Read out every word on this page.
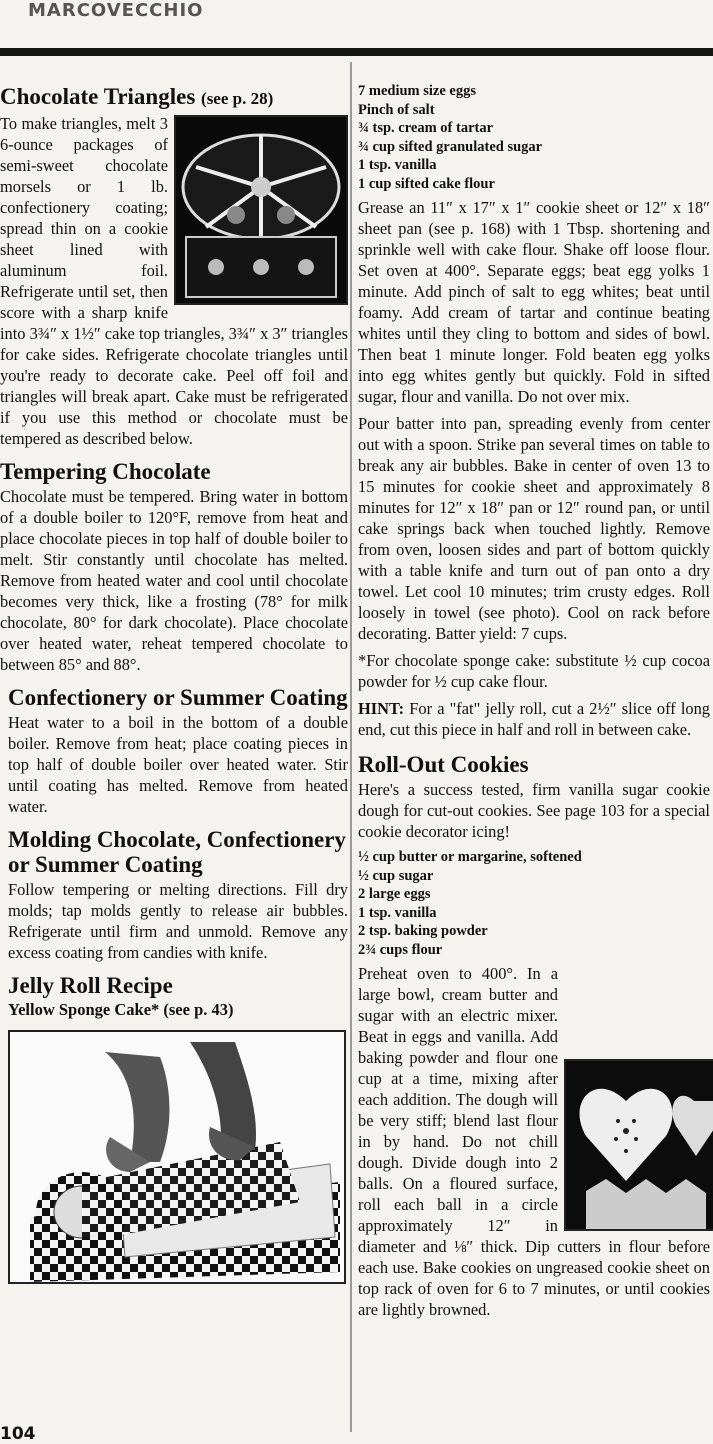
MARCOVECCHIO
Chocolate Triangles (see p. 28)

To make triangles, melt 3 6-ounce packages of semi-sweet chocolate morsels or 1 lb. confectionery coating; spread thin on a cookie sheet lined with aluminum foil. Refrigerate until set, then score with a sharp knife into 3¾″ x 1½″ cake top triangles, 3¾″ x 3″ triangles for cake sides. Refrigerate chocolate triangles until you're ready to decorate cake. Peel off foil and triangles will break apart. Cake must be refrigerated if you use this method or chocolate must be tempered as described below.

Tempering Chocolate

Chocolate must be tempered. Bring water in bottom of a double boiler to 120°F, remove from heat and place chocolate pieces in top half of double boiler to melt. Stir constantly until chocolate has melted. Remove from heated water and cool until chocolate becomes very thick, like a frosting (78° for milk chocolate, 80° for dark chocolate). Place chocolate over heated water, reheat tempered chocolate to between 85° and 88°.

Confectionery or Summer Coating

Heat water to a boil in the bottom of a double boiler. Remove from heat; place coating pieces in top half of double boiler over heated water. Stir until coating has melted. Remove from heated water.

Molding Chocolate, Confectionery or Summer Coating

Follow tempering or melting directions. Fill dry molds; tap molds gently to release air bubbles. Refrigerate until firm and unmold. Remove any excess coating from candies with knife.

Jelly Roll Recipe
Yellow Sponge Cake* (see p. 43)
7 medium size eggs
Pinch of salt
¾ tsp. cream of tartar
¾ cup sifted granulated sugar
1 tsp. vanilla
1 cup sifted cake flour

Grease an 11″ x 17″ x 1″ cookie sheet or 12″ x 18″ sheet pan (see p. 168) with 1 Tbsp. shortening and sprinkle well with cake flour. Shake off loose flour. Set oven at 400°. Separate eggs; beat egg yolks 1 minute. Add pinch of salt to egg whites; beat until foamy. Add cream of tartar and continue beating whites until they cling to bottom and sides of bowl. Then beat 1 minute longer. Fold beaten egg yolks into egg whites gently but quickly. Fold in sifted sugar, flour and vanilla. Do not over mix.

Pour batter into pan, spreading evenly from center out with a spoon. Strike pan several times on table to break any air bubbles. Bake in center of oven 13 to 15 minutes for cookie sheet and approximately 8 minutes for 12″ x 18″ pan or 12″ round pan, or until cake springs back when touched lightly. Remove from oven, loosen sides and part of bottom quickly with a table knife and turn out of pan onto a dry towel. Let cool 10 minutes; trim crusty edges. Roll loosely in towel (see photo). Cool on rack before decorating. Batter yield: 7 cups.

*For chocolate sponge cake: substitute ½ cup cocoa powder for ½ cup cake flour.

HINT: For a "fat" jelly roll, cut a 2½″ slice off long end, cut this piece in half and roll in between cake.

Roll-Out Cookies

Here's a success tested, firm vanilla sugar cookie dough for cut-out cookies. See page 103 for a special cookie decorator icing!

½ cup butter or margarine, softened
½ cup sugar
2 large eggs
1 tsp. vanilla
2 tsp. baking powder
2¾ cups flour

Preheat oven to 400°. In a large bowl, cream butter and sugar with an electric mixer. Beat in eggs and vanilla. Add baking powder and flour one cup at a time, mixing after each addition. The dough will be very stiff; blend last flour in by hand. Do not chill dough. Divide dough into 2 balls. On a floured surface, roll each ball in a circle approximately 12″ in diameter and ⅛″ thick. Dip cutters in flour before each use. Bake cookies on ungreased cookie sheet on top rack of oven for 6 to 7 minutes, or until cookies are lightly browned.

104
